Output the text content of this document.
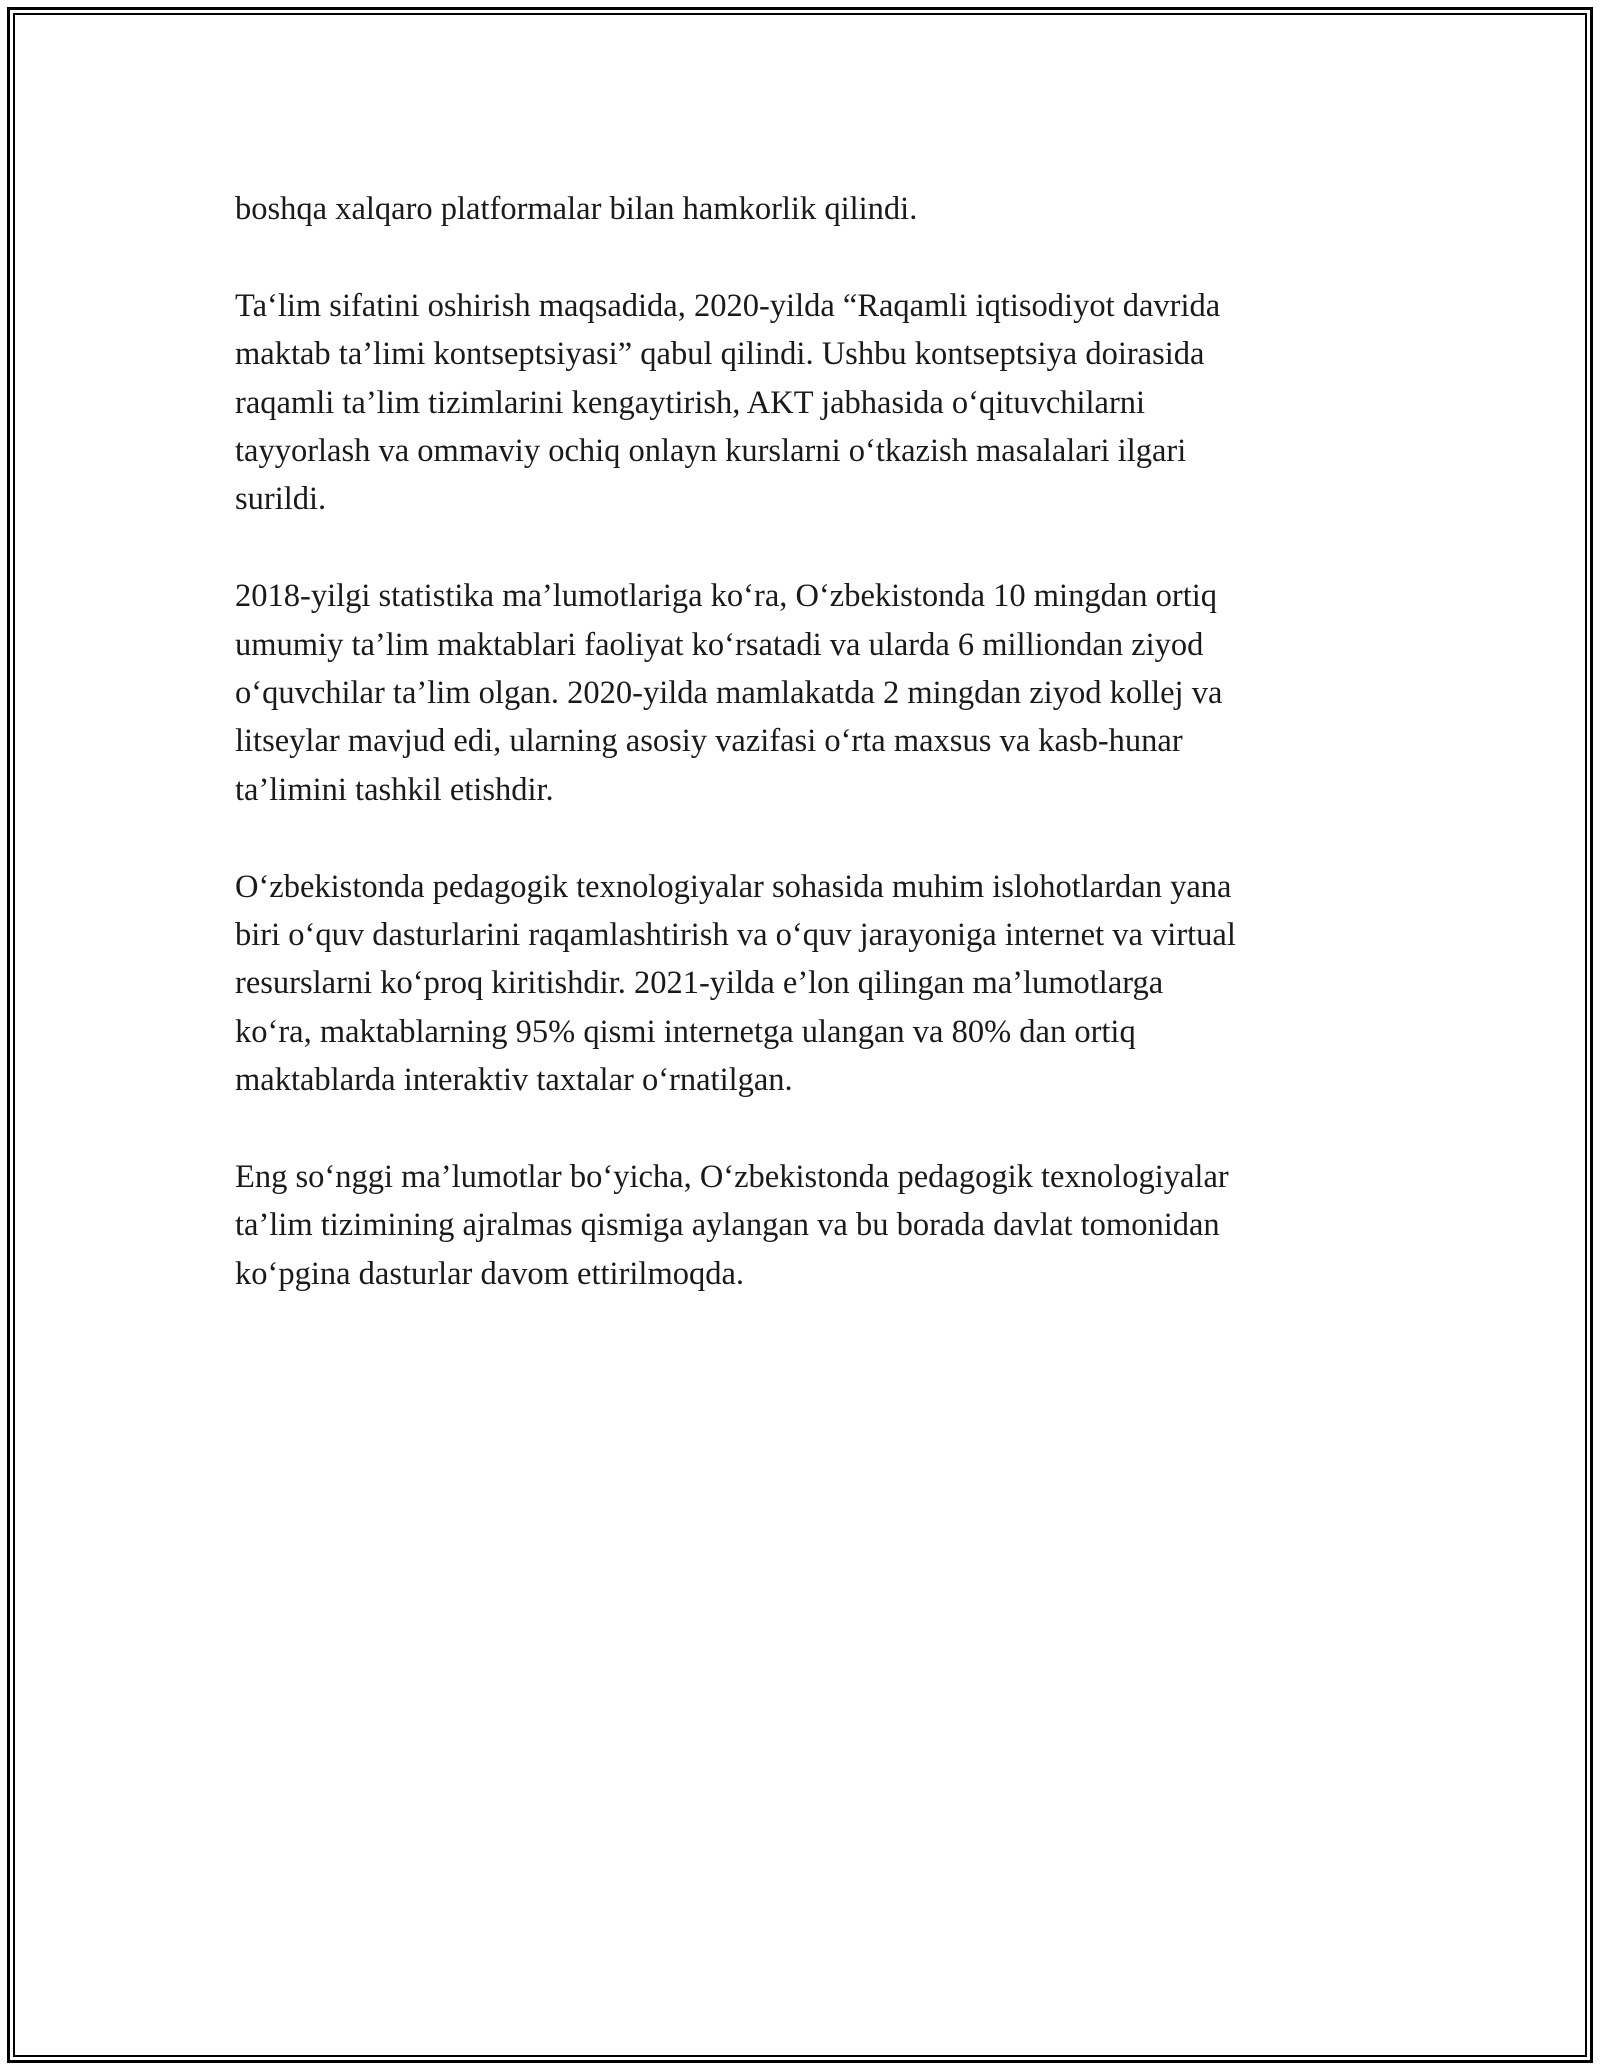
boshqa xalqaro platformalar bilan hamkorlik qilindi.

Ta‘lim sifatini oshirish maqsadida, 2020-yilda “Raqamli iqtisodiyot davrida
maktab ta’limi kontseptsiyasi” qabul qilindi. Ushbu kontseptsiya doirasida
raqamli ta’lim tizimlarini kengaytirish, AKT jabhasida o‘qituvchilarni
tayyorlash va ommaviy ochiq onlayn kurslarni o‘tkazish masalalari ilgari
surildi.

2018-yilgi statistika ma’lumotlariga ko‘ra, O‘zbekistonda 10 mingdan ortiq
umumiy ta’lim maktablari faoliyat ko‘rsatadi va ularda 6 milliondan ziyod
o‘quvchilar ta’lim olgan. 2020-yilda mamlakatda 2 mingdan ziyod kollej va
litseylar mavjud edi, ularning asosiy vazifasi o‘rta maxsus va kasb-hunar
ta’limini tashkil etishdir.

O‘zbekistonda pedagogik texnologiyalar sohasida muhim islohotlardan yana
biri o‘quv dasturlarini raqamlashtirish va o‘quv jarayoniga internet va virtual
resurslarni ko‘proq kiritishdir. 2021-yilda e’lon qilingan ma’lumotlarga
ko‘ra, maktablarning 95% qismi internetga ulangan va 80% dan ortiq
maktablarda interaktiv taxtalar o‘rnatilgan.

Eng so‘nggi ma’lumotlar bo‘yicha, O‘zbekistonda pedagogik texnologiyalar
ta’lim tizimining ajralmas qismiga aylangan va bu borada davlat tomonidan
ko‘pgina dasturlar davom ettirilmoqda.
